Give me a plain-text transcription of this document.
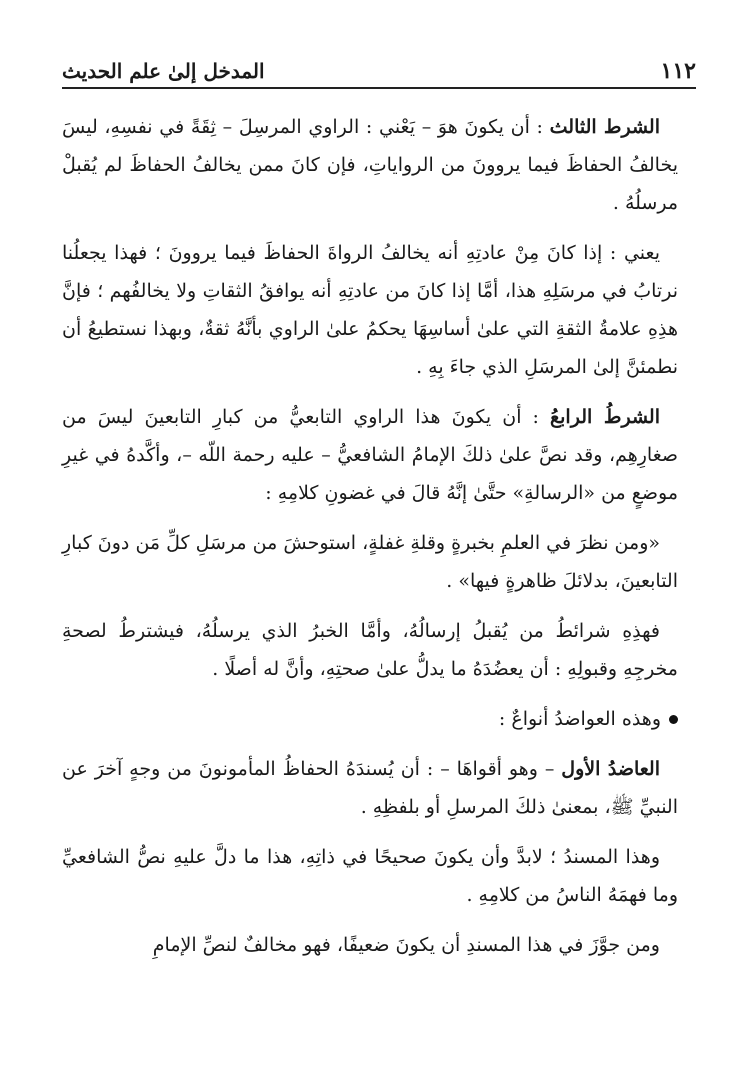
١١٢
المدخل إلىٰ علم الحديث

الشرط الثالث : أن يكونَ هوَ – يَعْني : الراوي المرسِلَ – ثِقَةً في نفسِهِ، ليسَ يخالفُ الحفاظَ فيما يروونَ من الرواياتِ، فإن كانَ ممن يخالفُ الحفاظَ لم يُقبلْ مرسلُهُ .

يعني : إذا كانَ مِنْ عادتِهِ أنه يخالفُ الرواةَ الحفاظَ فيما يروونَ ؛ فهذا يجعلُنا نرتابُ في مرسَلِهِ هذا، أمَّا إذا كانَ من عادتِهِ أنه يوافقُ الثقاتِ ولا يخالفُهم ؛ فإنَّ هذِهِ علامةُ الثقةِ التي علىٰ أساسِهَا يحكمُ علىٰ الراوي بأنَّهُ ثقةٌ، وبهذا نستطيعُ أن نطمئنَّ إلىٰ المرسَلِ الذي جاءَ بِهِ .

الشرطُ الرابعُ : أن يكونَ هذا الراوي التابعيُّ من كبارِ التابعينَ ليسَ من صغارِهِم، وقد نصَّ علىٰ ذلكَ الإمامُ الشافعيُّ – عليه رحمة اللّه –، وأكَّدهُ في غيرِ موضعٍ من «الرسالةِ» حتَّىٰ إنَّهُ قالَ في غضونِ كلامِهِ :

«ومن نظرَ في العلمِ بخبرةٍ وقلةِ غفلةٍ، استوحشَ من مرسَلِ كلِّ مَن دونَ كبارِ التابعينَ، بدلائلَ ظاهرةٍ فيها» .

فهذِهِ شرائطُ من يُقبلُ إرسالُهُ، وأمَّا الخبرُ الذي يرسلُهُ، فيشترطُ لصحةِ مخرجِهِ وقبولِهِ : أن يعضُدَهُ ما يدلُّ علىٰ صحتِهِ، وأنَّ له أصلًا .

وهذه العواضدُ أنواعٌ :

العاضدُ الأول – وهو أقواهَا – : أن يُسندَهُ الحفاظُ المأمونونَ من وجهٍ آخرَ عن النبيِّ ﷺ، بمعنىٰ ذلكَ المرسلِ أو بلفظِهِ .

وهذا المسندُ ؛ لابدَّ وأن يكونَ صحيحًا في ذاتِهِ، هذا ما دلَّ عليهِ نصُّ الشافعيِّ وما فهمَهُ الناسُ من كلامِهِ .

ومن جوَّزَ في هذا المسندِ أن يكونَ ضعيفًا، فهو مخالفٌ لنصِّ الإمامِ
